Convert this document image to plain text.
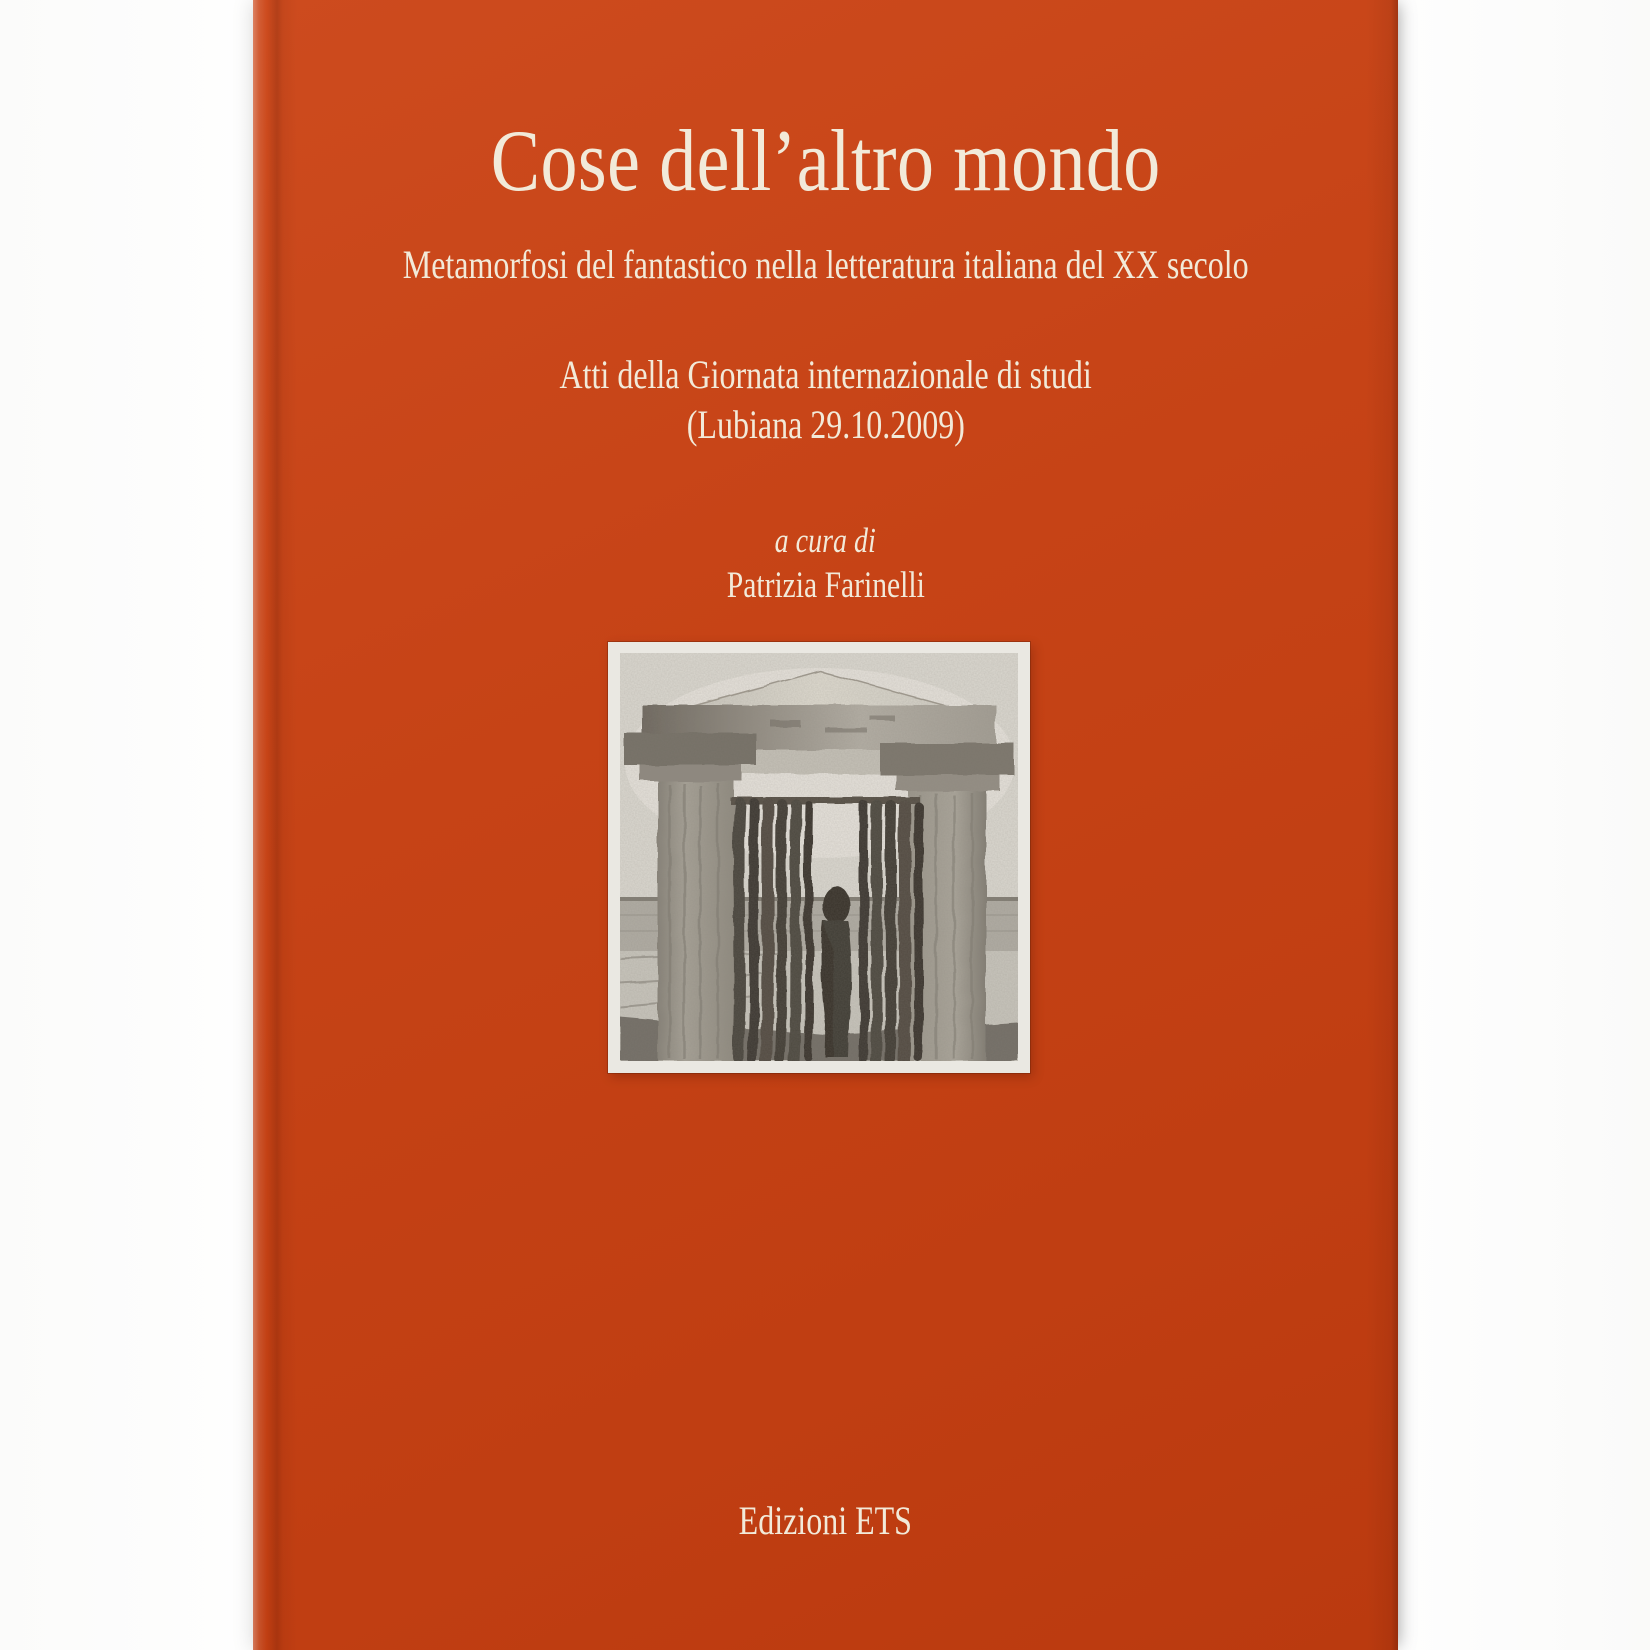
Cose dell’altro mondo
Metamorfosi del fantastico nella letteratura italiana del XX secolo
Atti della Giornata internazionale di studi
(Lubiana 29.10.2009)
a cura di
Patrizia Farinelli
Edizioni ETS
